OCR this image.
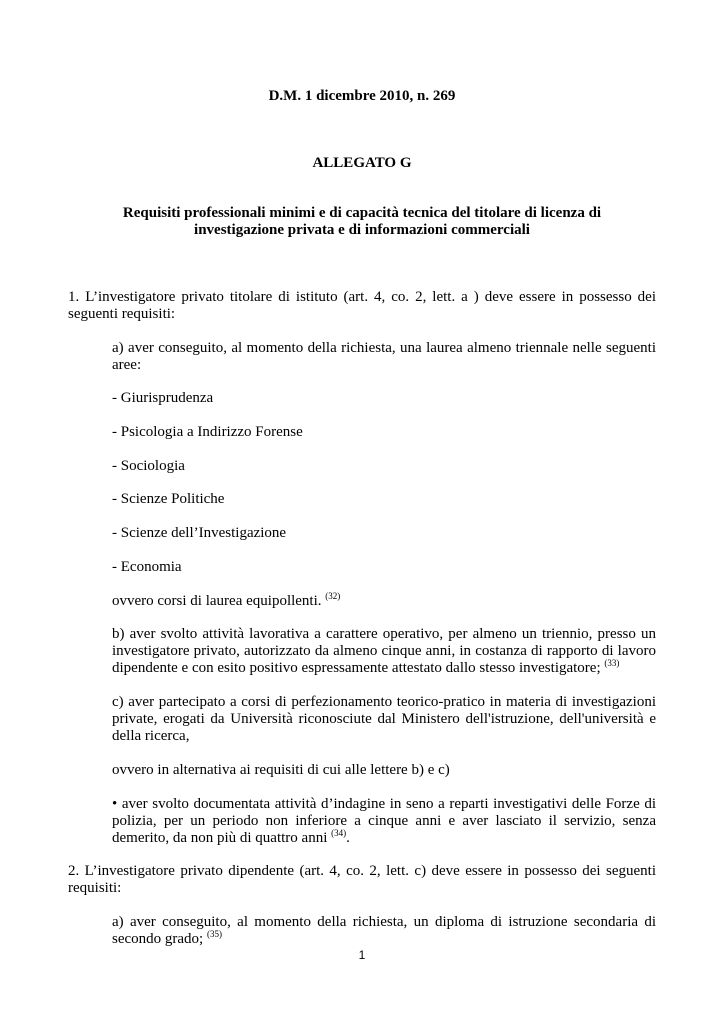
D.M. 1 dicembre 2010, n. 269

ALLEGATO G

Requisiti professionali minimi e di capacità tecnica del titolare di licenza di investigazione privata e di informazioni commerciali

1. L’investigatore privato titolare di istituto (art. 4, co. 2, lett. a ) deve essere in possesso dei seguenti requisiti:

a) aver conseguito, al momento della richiesta, una laurea almeno triennale nelle seguenti aree:

- Giurisprudenza

- Psicologia a Indirizzo Forense

- Sociologia

- Scienze Politiche

- Scienze dell’Investigazione

- Economia

ovvero corsi di laurea equipollenti. $^{(32)}$

b) aver svolto attività lavorativa a carattere operativo, per almeno un triennio, presso un investigatore privato, autorizzato da almeno cinque anni, in costanza di rapporto di lavoro dipendente e con esito positivo espressamente attestato dallo stesso investigatore; $^{(33)}$

c) aver partecipato a corsi di perfezionamento teorico-pratico in materia di investigazioni private, erogati da Università riconosciute dal Ministero dell'istruzione, dell'università e della ricerca,

ovvero in alternativa ai requisiti di cui alle lettere b) e c)

• aver svolto documentata attività d’indagine in seno a reparti investigativi delle Forze di polizia, per un periodo non inferiore a cinque anni e aver lasciato il servizio, senza demerito, da non più di quattro anni $^{(34)}$.

2. L’investigatore privato dipendente (art. 4, co. 2, lett. c) deve essere in possesso dei seguenti requisiti:

a) aver conseguito, al momento della richiesta, un diploma di istruzione secondaria di secondo grado; $^{(35)}$

1
